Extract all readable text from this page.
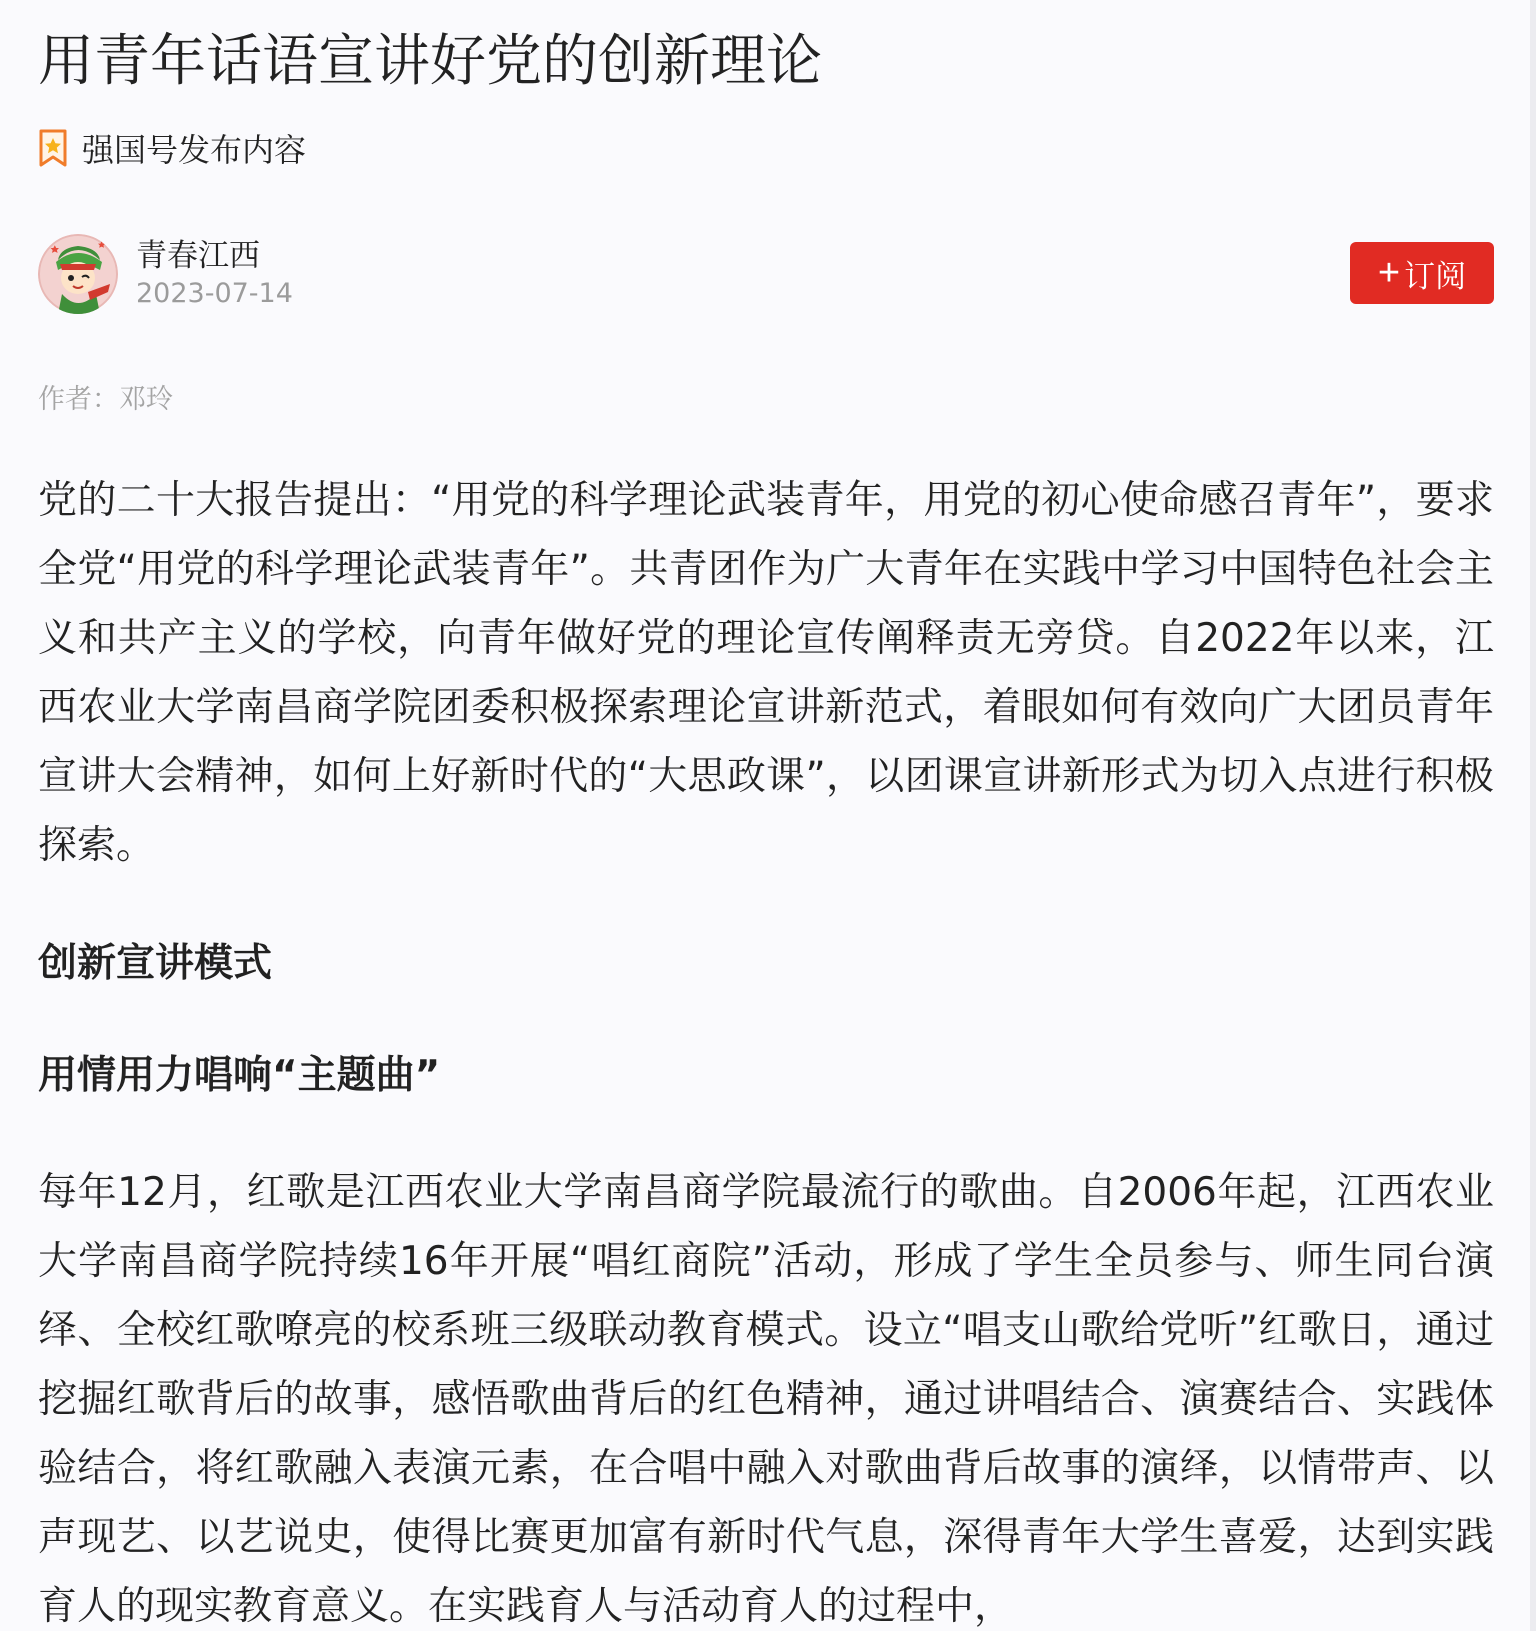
用青年话语宣讲好党的创新理论
强国号发布内容
青春江西
2023-07-14	+ 订阅
作者：邓玲

党的二十大报告提出：“用党的科学理论武装青年，用党的初心使命感召青年”，要求全党“用党的科学理论武装青年”。共青团作为广大青年在实践中学习中国特色社会主义和共产主义的学校，向青年做好党的理论宣传阐释责无旁贷。自2022年以来，江西农业大学南昌商学院团委积极探索理论宣讲新范式，着眼如何有效向广大团员青年宣讲大会精神，如何上好新时代的“大思政课”，以团课宣讲新形式为切入点进行积极探索。

创新宣讲模式
用情用力唱响“主题曲”

每年12月，红歌是江西农业大学南昌商学院最流行的歌曲。自2006年起，江西农业大学南昌商学院持续16年开展“唱红商院”活动，形成了学生全员参与、师生同台演绎、全校红歌嘹亮的校系班三级联动教育模式。设立“唱支山歌给党听”红歌日，通过挖掘红歌背后的故事，感悟歌曲背后的红色精神，通过讲唱结合、演赛结合、实践体验结合，将红歌融入表演元素，在合唱中融入对歌曲背后故事的演绎，以情带声、以声现艺、以艺说史，使得比赛更加富有新时代气息，深得青年大学生喜爱，达到实践育人的现实教育意义。在实践育人与活动育人的过程中，
